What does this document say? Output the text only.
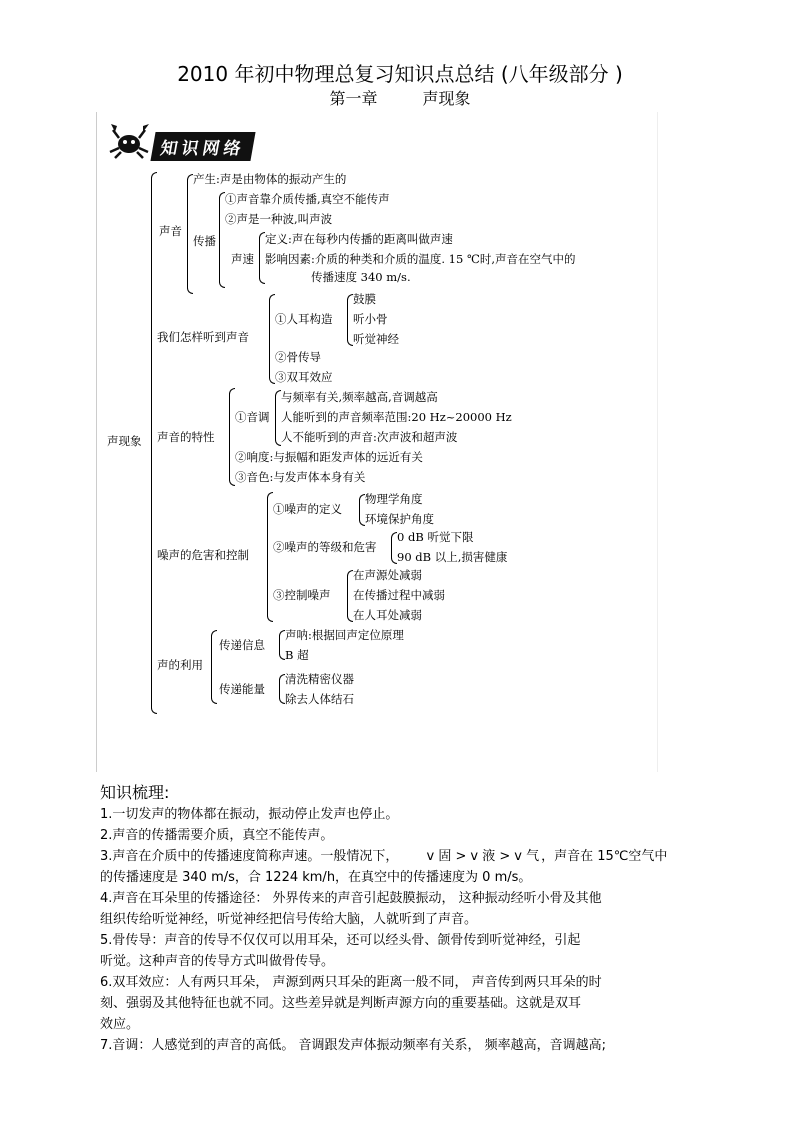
2010 年初中物理总复习知识点总结 (八年级部分 )
第一章 声现象
知识网络
声现象
声音
产生:声是由物体的振动产生的
传播
①声音靠介质传播,真空不能传声
②声是一种波,叫声波
声速
定义:声在每秒内传播的距离叫做声速
影响因素:介质的种类和介质的温度. 15 ℃时,声音在空气中的
传播速度 340 m/s.
我们怎样听到声音
①人耳构造
鼓膜
听小骨
听觉神经
②骨传导
③双耳效应
声音的特性
①音调
与频率有关,频率越高,音调越高
人能听到的声音频率范围:20 Hz~20000 Hz
人不能听到的声音:次声波和超声波
②响度:与振幅和距发声体的远近有关
③音色:与发声体本身有关
噪声的危害和控制
①噪声的定义
物理学角度
环境保护角度
②噪声的等级和危害
0 dB 听觉下限
90 dB 以上,损害健康
③控制噪声
在声源处减弱
在传播过程中减弱
在人耳处减弱
声的利用
传递信息
声呐:根据回声定位原理
B 超
传递能量
清洗精密仪器
除去人体结石
知识梳理:
1.一切发声的物体都在振动，振动停止发声也停止。
2.声音的传播需要介质，真空不能传声。
3.声音在介质中的传播速度简称声速。一般情况下， v 固 > v 液 > v 气 ，声音在 15℃空气中
的传播速度是 340 m/s，合 1224 km/h，在真空中的传播速度为 0 m/s。
4.声音在耳朵里的传播途径： 外界传来的声音引起鼓膜振动， 这种振动经听小骨及其他
组织传给听觉神经，听觉神经把信号传给大脑，人就听到了声音。
5.骨传导：声音的传导不仅仅可以用耳朵，还可以经头骨、颌骨传到听觉神经，引起
听觉。这种声音的传导方式叫做骨传导。
6.双耳效应：人有两只耳朵， 声源到两只耳朵的距离一般不同， 声音传到两只耳朵的时
刻、强弱及其他特征也就不同。这些差异就是判断声源方向的重要基础。这就是双耳
效应。
7.音调：人感觉到的声音的高低。 音调跟发声体振动频率有关系， 频率越高，音调越高;
